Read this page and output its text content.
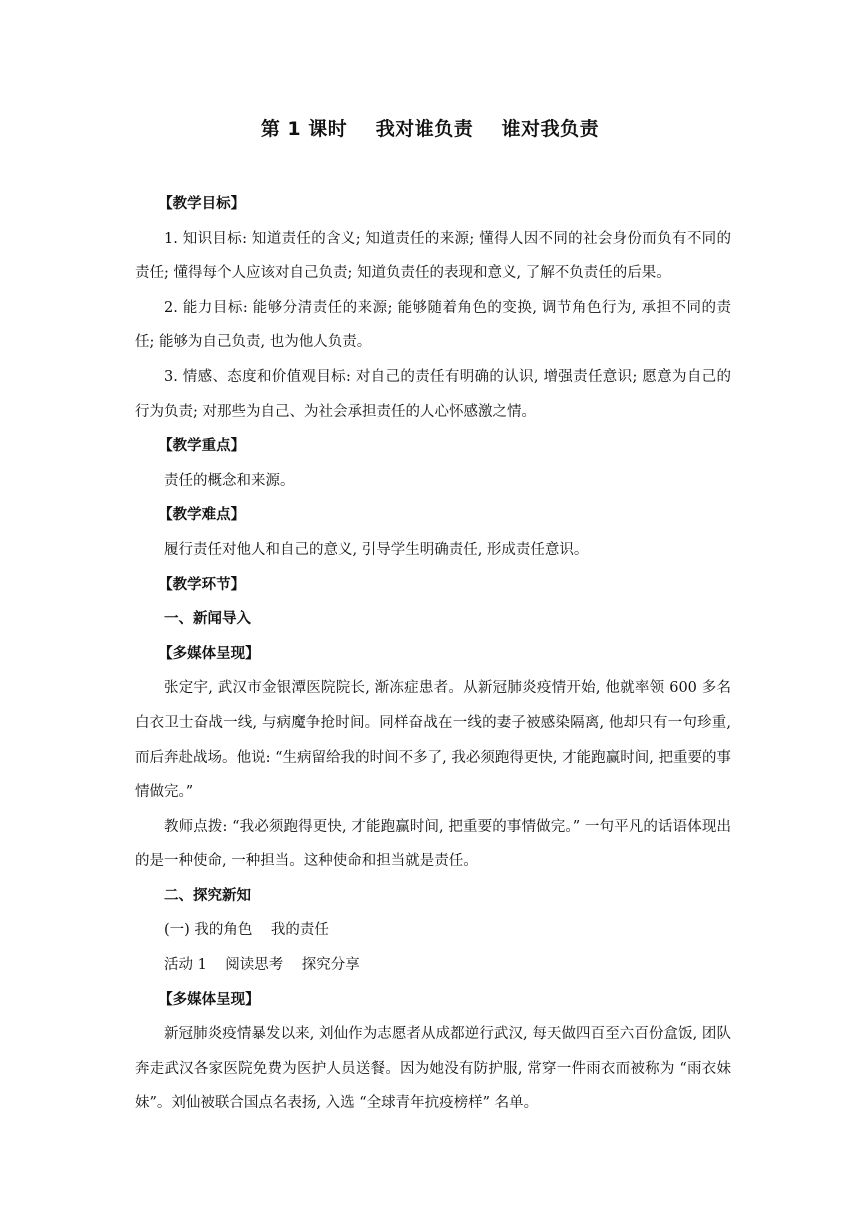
第 1 课时    我对谁负责    谁对我负责

【教学目标】

1. 知识目标: 知道责任的含义; 知道责任的来源; 懂得人因不同的社会身份而负有不同的责任; 懂得每个人应该对自己负责; 知道负责任的表现和意义, 了解不负责任的后果。

2. 能力目标: 能够分清责任的来源; 能够随着角色的变换, 调节角色行为, 承担不同的责任; 能够为自己负责, 也为他人负责。

3. 情感、态度和价值观目标: 对自己的责任有明确的认识, 增强责任意识; 愿意为自己的行为负责; 对那些为自己、为社会承担责任的人心怀感激之情。

【教学重点】

责任的概念和来源。

【教学难点】

履行责任对他人和自己的意义, 引导学生明确责任, 形成责任意识。

【教学环节】

一、新闻导入

【多媒体呈现】

张定宇, 武汉市金银潭医院院长, 渐冻症患者。从新冠肺炎疫情开始, 他就率领 600 多名白衣卫士奋战一线, 与病魔争抢时间。同样奋战在一线的妻子被感染隔离, 他却只有一句珍重, 而后奔赴战场。他说: “生病留给我的时间不多了, 我必须跑得更快, 才能跑赢时间, 把重要的事情做完。”

教师点拨: “我必须跑得更快, 才能跑赢时间, 把重要的事情做完。” 一句平凡的话语体现出的是一种使命, 一种担当。这种使命和担当就是责任。

二、探究新知

(一) 我的角色    我的责任

活动 1    阅读思考    探究分享

【多媒体呈现】

新冠肺炎疫情暴发以来, 刘仙作为志愿者从成都逆行武汉, 每天做四百至六百份盒饭, 团队奔走武汉各家医院免费为医护人员送餐。因为她没有防护服, 常穿一件雨衣而被称为 “雨衣妹妹”。刘仙被联合国点名表扬, 入选 “全球青年抗疫榜样” 名单。
